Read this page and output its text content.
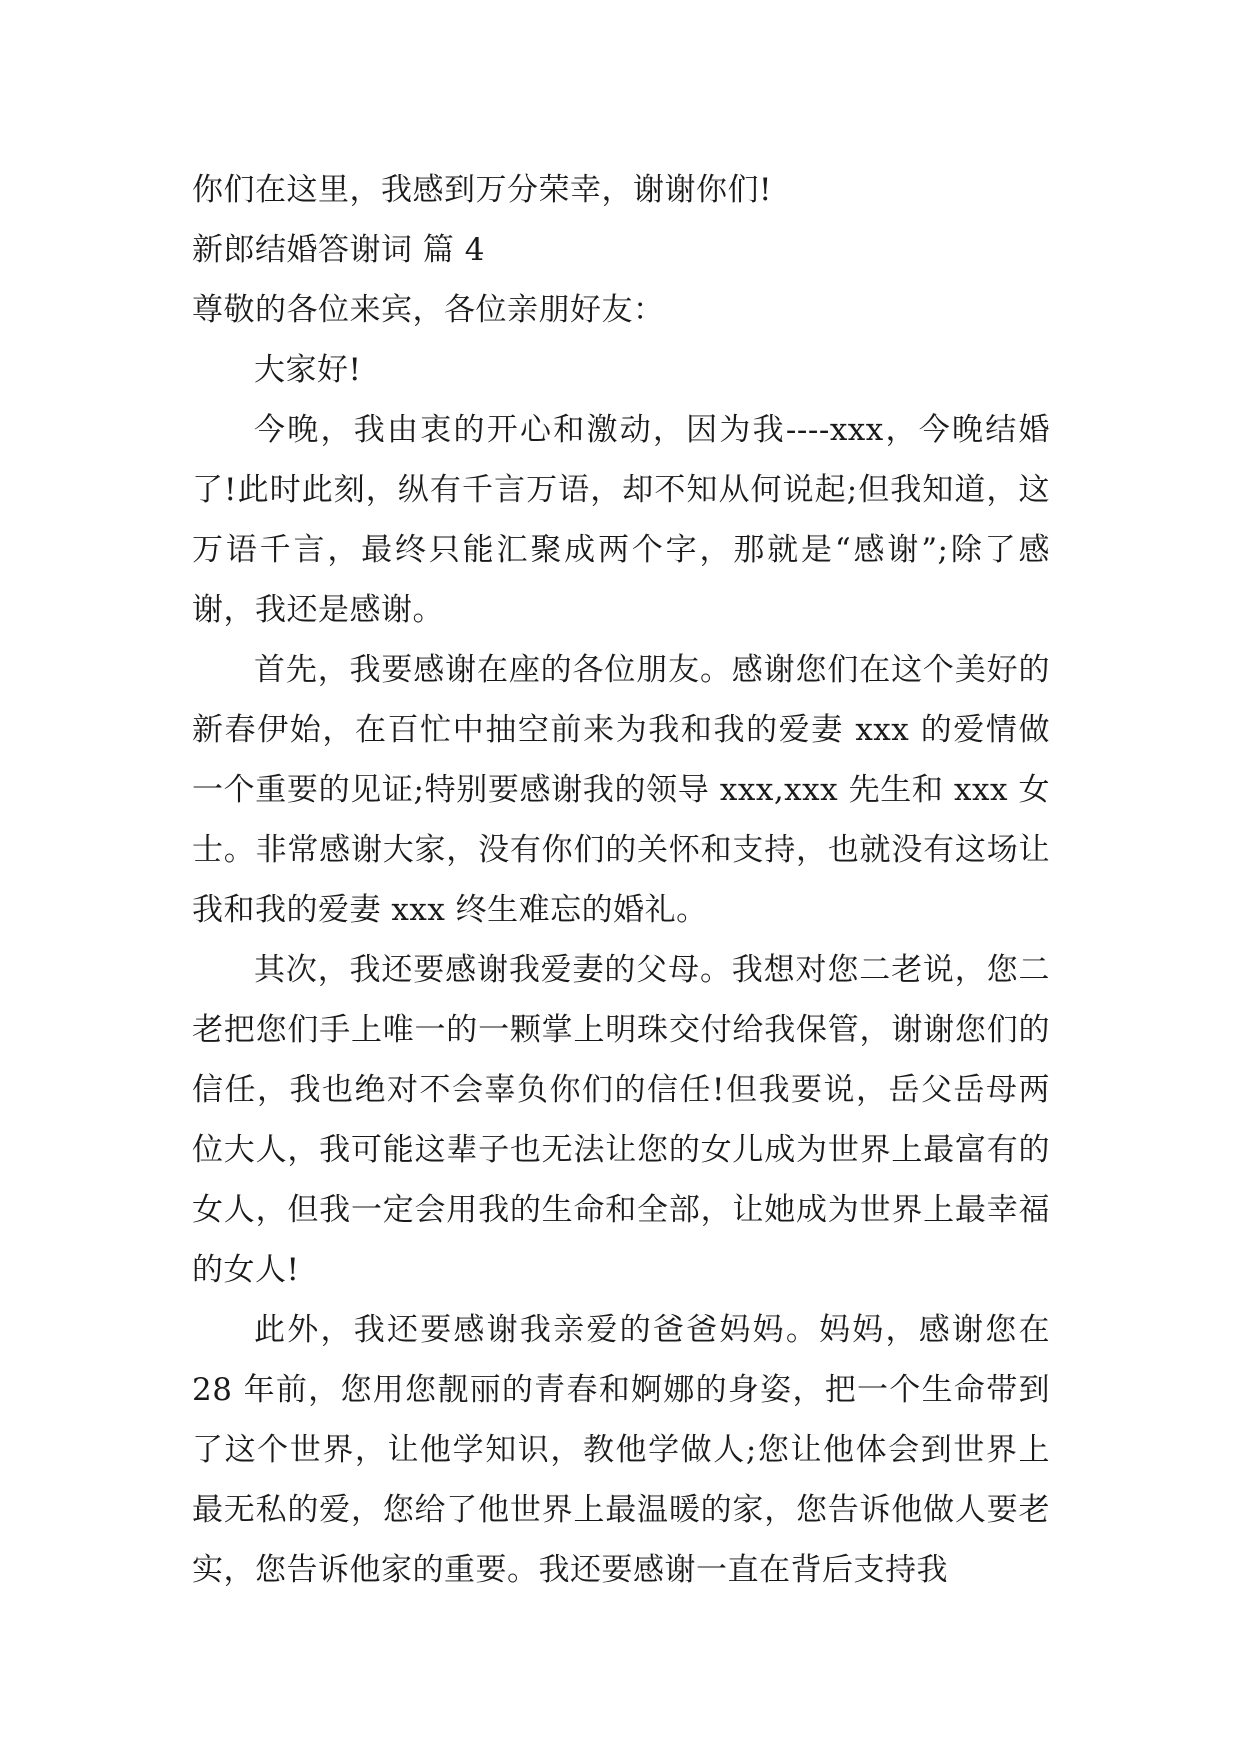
你们在这里，我感到万分荣幸，谢谢你们!
新郎结婚答谢词 篇 4
尊敬的各位来宾，各位亲朋好友：

大家好!

今晚，我由衷的开心和激动，因为我----xxx，今晚结婚了!此时此刻，纵有千言万语，却不知从何说起;但我知道，这万语千言，最终只能汇聚成两个字，那就是“感谢”;除了感谢，我还是感谢。

首先，我要感谢在座的各位朋友。感谢您们在这个美好的新春伊始，在百忙中抽空前来为我和我的爱妻 xxx 的爱情做一个重要的见证;特别要感谢我的领导 xxx,xxx 先生和 xxx 女士。非常感谢大家，没有你们的关怀和支持，也就没有这场让我和我的爱妻 xxx 终生难忘的婚礼。

其次，我还要感谢我爱妻的父母。我想对您二老说，您二老把您们手上唯一的一颗掌上明珠交付给我保管，谢谢您们的信任，我也绝对不会辜负你们的信任!但我要说，岳父岳母两位大人，我可能这辈子也无法让您的女儿成为世界上最富有的女人，但我一定会用我的生命和全部，让她成为世界上最幸福的女人!

此外，我还要感谢我亲爱的爸爸妈妈。妈妈，感谢您在 28 年前，您用您靓丽的青春和婀娜的身姿，把一个生命带到了这个世界，让他学知识，教他学做人;您让他体会到世界上最无私的爱，您给了他世界上最温暖的家，您告诉他做人要老实，您告诉他家的重要。我还要感谢一直在背后支持我
